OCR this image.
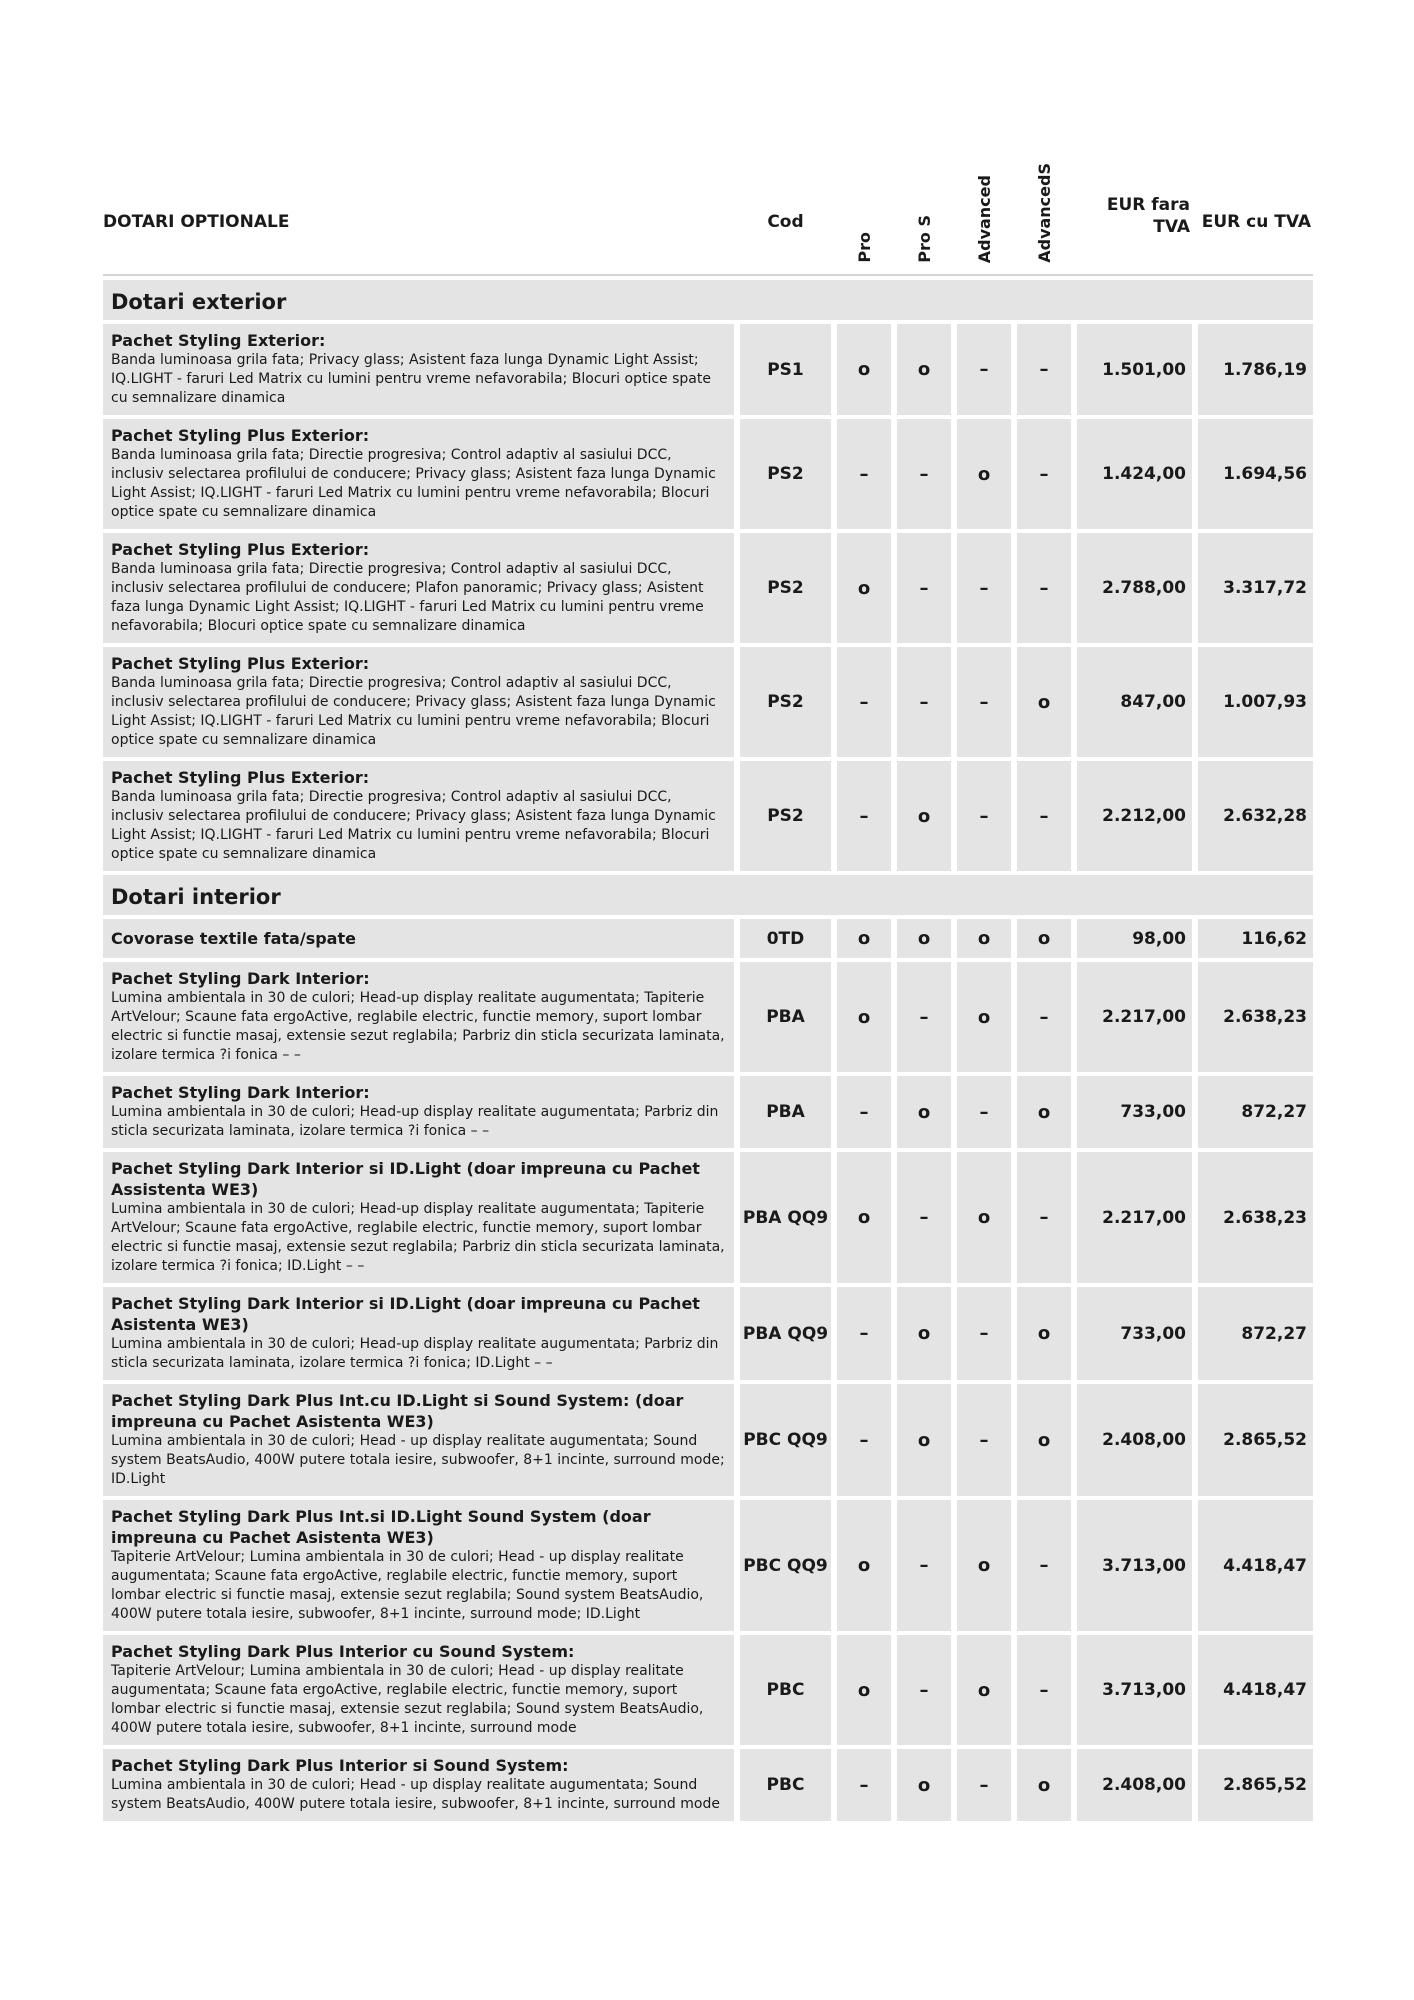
DOTARI OPTIONALE	Cod	Pro	Pro S	Advanced	AdvancedS	EUR fara TVA	EUR cu TVA

Dotari exterior							

Pachet Styling Exterior:
Banda luminoasa grila fata; Privacy glass; Asistent faza lunga Dynamic Light Assist; IQ.LIGHT - faruri Led Matrix cu lumini pentru vreme nefavorabila; Blocuri optice spate cu semnalizare dinamica	PS1	o	o	–	–	1.501,00	1.786,19

Pachet Styling Plus Exterior:
Banda luminoasa grila fata; Directie progresiva; Control adaptiv al sasiului DCC, inclusiv selectarea profilului de conducere; Privacy glass; Asistent faza lunga Dynamic Light Assist; IQ.LIGHT - faruri Led Matrix cu lumini pentru vreme nefavorabila; Blocuri optice spate cu semnalizare dinamica	PS2	–	–	o	–	1.424,00	1.694,56

Pachet Styling Plus Exterior:
Banda luminoasa grila fata; Directie progresiva; Control adaptiv al sasiului DCC, inclusiv selectarea profilului de conducere; Plafon panoramic; Privacy glass; Asistent faza lunga Dynamic Light Assist; IQ.LIGHT - faruri Led Matrix cu lumini pentru vreme nefavorabila; Blocuri optice spate cu semnalizare dinamica	PS2	o	–	–	–	2.788,00	3.317,72

Pachet Styling Plus Exterior:
Banda luminoasa grila fata; Directie progresiva; Control adaptiv al sasiului DCC, inclusiv selectarea profilului de conducere; Privacy glass; Asistent faza lunga Dynamic Light Assist; IQ.LIGHT - faruri Led Matrix cu lumini pentru vreme nefavorabila; Blocuri optice spate cu semnalizare dinamica	PS2	–	–	–	o	847,00	1.007,93

Pachet Styling Plus Exterior:
Banda luminoasa grila fata; Directie progresiva; Control adaptiv al sasiului DCC, inclusiv selectarea profilului de conducere; Privacy glass; Asistent faza lunga Dynamic Light Assist; IQ.LIGHT - faruri Led Matrix cu lumini pentru vreme nefavorabila; Blocuri optice spate cu semnalizare dinamica	PS2	–	o	–	–	2.212,00	2.632,28
Dotari interior							

Covorase textile fata/spate	0TD	o	o	o	o	98,00	116,62

Pachet Styling Dark Interior:
Lumina ambientala in 30 de culori; Head-up display realitate augumentata; Tapiterie ArtVelour; Scaune fata ergoActive, reglabile electric, functie memory, suport lombar electric si functie masaj, extensie sezut reglabila; Parbriz din sticla securizata laminata, izolare termica ?i fonica – –	PBA	o	–	o	–	2.217,00	2.638,23

Pachet Styling Dark Interior:
Lumina ambientala in 30 de culori; Head-up display realitate augumentata; Parbriz din sticla securizata laminata, izolare termica ?i fonica – –	PBA	–	o	–	o	733,00	872,27

Pachet Styling Dark Interior si ID.Light (doar impreuna cu Pachet Assistenta WE3)
Lumina ambientala in 30 de culori; Head-up display realitate augumentata; Tapiterie ArtVelour; Scaune fata ergoActive, reglabile electric, functie memory, suport lombar electric si functie masaj, extensie sezut reglabila; Parbriz din sticla securizata laminata, izolare termica ?i fonica; ID.Light – –	PBA QQ9	o	–	o	–	2.217,00	2.638,23

Pachet Styling Dark Interior si ID.Light (doar impreuna cu Pachet Asistenta WE3)
Lumina ambientala in 30 de culori; Head-up display realitate augumentata; Parbriz din sticla securizata laminata, izolare termica ?i fonica; ID.Light – –	PBA QQ9	–	o	–	o	733,00	872,27

Pachet Styling Dark Plus Int.cu ID.Light si Sound System: (doar impreuna cu Pachet Asistenta WE3)
Lumina ambientala in 30 de culori; Head - up display realitate augumentata; Sound system BeatsAudio, 400W putere totala iesire, subwoofer, 8+1 incinte, surround mode; ID.Light	PBC QQ9	–	o	–	o	2.408,00	2.865,52

Pachet Styling Dark Plus Int.si ID.Light Sound System (doar impreuna cu Pachet Asistenta WE3)
Tapiterie ArtVelour; Lumina ambientala in 30 de culori; Head - up display realitate augumentata; Scaune fata ergoActive, reglabile electric, functie memory, suport lombar electric si functie masaj, extensie sezut reglabila; Sound system BeatsAudio, 400W putere totala iesire, subwoofer, 8+1 incinte, surround mode; ID.Light	PBC QQ9	o	–	o	–	3.713,00	4.418,47

Pachet Styling Dark Plus Interior cu Sound System:
Tapiterie ArtVelour; Lumina ambientala in 30 de culori; Head - up display realitate augumentata; Scaune fata ergoActive, reglabile electric, functie memory, suport lombar electric si functie masaj, extensie sezut reglabila; Sound system BeatsAudio, 400W putere totala iesire, subwoofer, 8+1 incinte, surround mode	PBC	o	–	o	–	3.713,00	4.418,47

Pachet Styling Dark Plus Interior si Sound System:
Lumina ambientala in 30 de culori; Head - up display realitate augumentata; Sound system BeatsAudio, 400W putere totala iesire, subwoofer, 8+1 incinte, surround mode	PBC	–	o	–	o	2.408,00	2.865,52
